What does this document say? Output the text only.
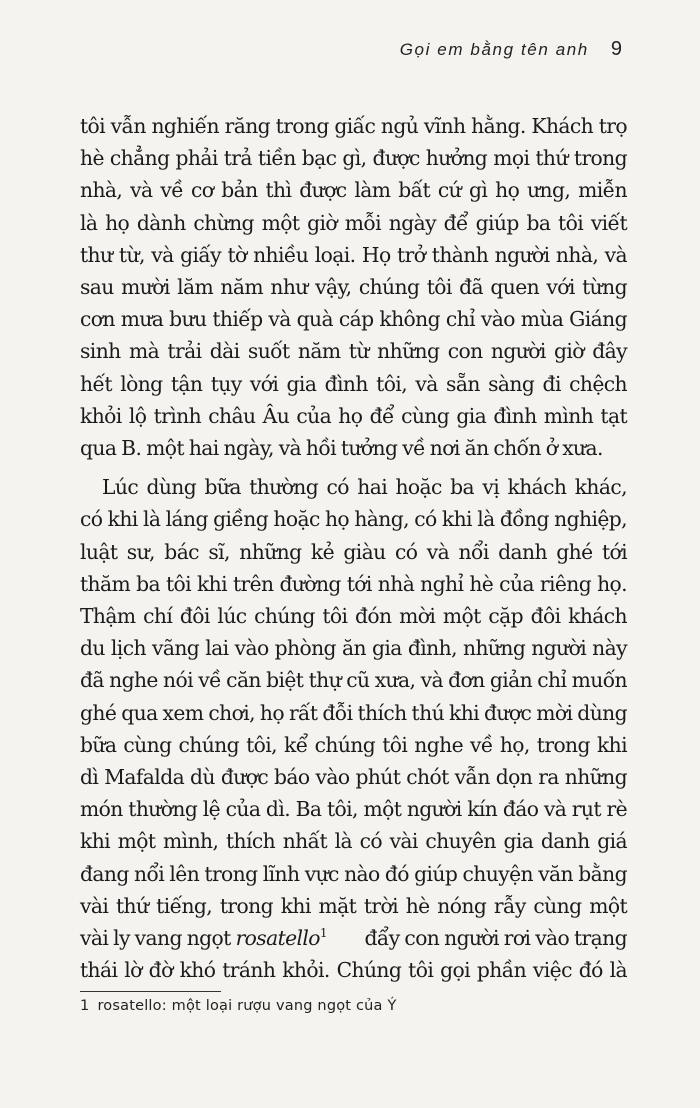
Gọi em bằng tên anh 9
tôi vẫn nghiến răng trong giấc ngủ vĩnh hằng. Khách trọ
hè chẳng phải trả tiền bạc gì, được hưởng mọi thứ trong
nhà, và về cơ bản thì được làm bất cứ gì họ ưng, miễn
là họ dành chừng một giờ mỗi ngày để giúp ba tôi viết
thư từ, và giấy tờ nhiều loại. Họ trở thành người nhà, và
sau mười lăm năm như vậy, chúng tôi đã quen với từng
cơn mưa bưu thiếp và quà cáp không chỉ vào mùa Giáng
sinh mà trải dài suốt năm từ những con người giờ đây
hết lòng tận tụy với gia đình tôi, và sẵn sàng đi chệch
khỏi lộ trình châu Âu của họ để cùng gia đình mình tạt
qua B. một hai ngày, và hồi tưởng về nơi ăn chốn ở xưa.
Lúc dùng bữa thường có hai hoặc ba vị khách khác,
có khi là láng giềng hoặc họ hàng, có khi là đồng nghiệp,
luật sư, bác sĩ, những kẻ giàu có và nổi danh ghé tới
thăm ba tôi khi trên đường tới nhà nghỉ hè của riêng họ.
Thậm chí đôi lúc chúng tôi đón mời một cặp đôi khách
du lịch vãng lai vào phòng ăn gia đình, những người này
đã nghe nói về căn biệt thự cũ xưa, và đơn giản chỉ muốn
ghé qua xem chơi, họ rất đỗi thích thú khi được mời dùng
bữa cùng chúng tôi, kể chúng tôi nghe về họ, trong khi
dì Mafalda dù được báo vào phút chót vẫn dọn ra những
món thường lệ của dì. Ba tôi, một người kín đáo và rụt rè
khi một mình, thích nhất là có vài chuyên gia danh giá
đang nổi lên trong lĩnh vực nào đó giúp chuyện văn bằng
vài thứ tiếng, trong khi mặt trời hè nóng rẫy cùng một
vài ly vang ngọt rosatello$^1$ đẩy con người rơi vào trạng
thái lờ đờ khó tránh khỏi. Chúng tôi gọi phần việc đó là
1 rosatello: một loại rượu vang ngọt của Ý
